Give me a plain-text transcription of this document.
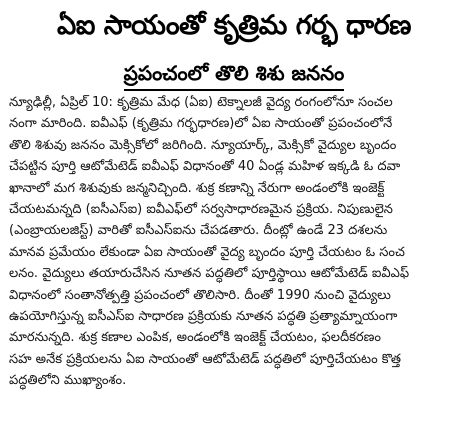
ఏఐ సాయంతో కృత్రిమ గర్భ ధారణ
ప్రపంచంలో తొలి శిశు జననం
న్యూఢిల్లీ, ఏప్రిల్ 10: కృత్రిమ మేధ (ఏఐ) టెక్నాలజీ వైద్య రంగంలోనూ సంచల
నంగా మారింది. ఐవీఎఫ్ (కృత్రిమ గర్భధారణ)లో ఏఐ సాయంతో ప్రపంచంలోనే
తొలి శిశువు జననం మెక్సికోలో జరిగింది. న్యూయార్క్, మెక్సికో వైద్యుల బృందం
చేపట్టిన పూర్తి ఆటోమేటెడ్ ఐవీఎఫ్ విధానంతో 40 ఏండ్ల మహిళ ఇక్కడి ఓ దవా
ఖానాలో మగ శిశువుకు జన్మనిచ్చింది. శుక్ర కణాన్ని నేరుగా అండంలోకి ఇంజెక్ట్
చేయటమన్నది (ఐసీఎస్ఐ) ఐవీఎఫ్‌లో సర్వసాధారణమైన ప్రక్రియ. నిపుణులైన
(ఎంబ్రాయలజిస్ట్) వారితో ఐసీఎస్ఐను చేపడతారు. దీంట్లో ఉండే 23 దశలను
మానవ ప్రమేయం లేకుండా ఏఐ సాయంతో వైద్య బృందం పూర్తి చేయటం ఓ సంచ
లనం. వైద్యులు తయారుచేసిన నూతన పద్ధతిలో పూర్తిస్థాయి ఆటోమేటెడ్ ఐవీఎఫ్
విధానంలో సంతానోత్పత్తి ప్రపంచంలో తొలిసారి. దీంతో 1990 నుంచి వైద్యులు
ఉపయోగిస్తున్న ఐసీఎస్ఐ సాధారణ ప్రక్రియకు నూతన పద్ధతి ప్రత్యామ్నాయంగా
మారనున్నది. శుక్ర కణాల ఎంపిక, అండంలోకి ఇంజెక్ట్ చేయటం, ఫలదీకరణం
సహ అనేక ప్రక్రియలను ఏఐ సాయంతో ఆటోమేటెడ్ పద్ధతిలో పూర్తిచేయటం కొత్త
పద్ధతిలోని ముఖ్యాంశం.
